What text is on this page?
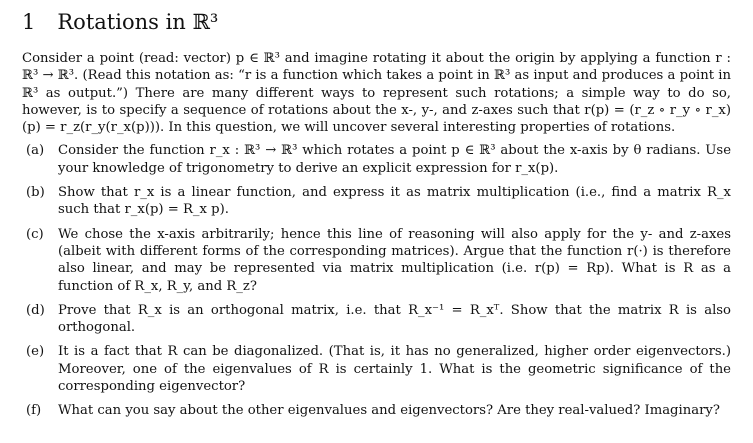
1 Rotations in ℝ³

Consider a point (read: vector) p ∈ ℝ³ and imagine rotating it about the origin by applying a function r : ℝ³ → ℝ³. (Read this notation as: “r is a function which takes a point in ℝ³ as input and produces a point in ℝ³ as output.”) There are many different ways to represent such rotations; a simple way to do so, however, is to specify a sequence of rotations about the x-, y-, and z-axes such that r(p) = (r_z ∘ r_y ∘ r_x)(p) = r_z(r_y(r_x(p))). In this question, we will uncover several interesting properties of rotations.

(a)	Consider the function r_x : ℝ³ → ℝ³ which rotates a point p ∈ ℝ³ about the x-axis by θ radians. Use your knowledge of trigonometry to derive an explicit expression for r_x(p).
(b)	Show that r_x is a linear function, and express it as matrix multiplication (i.e., find a matrix R_x such that r_x(p) = R_x p).
(c)	We chose the x-axis arbitrarily; hence this line of reasoning will also apply for the y- and z-axes (albeit with different forms of the corresponding matrices). Argue that the function r(·) is therefore also linear, and may be represented via matrix multiplication (i.e. r(p) = Rp). What is R as a function of R_x, R_y, and R_z?
(d)	Prove that R_x is an orthogonal matrix, i.e. that R_x⁻¹ = R_xᵀ. Show that the matrix R is also orthogonal.
(e)	It is a fact that R can be diagonalized. (That is, it has no generalized, higher order eigenvectors.) Moreover, one of the eigenvalues of R is certainly 1. What is the geometric significance of the corresponding eigenvector?
(f)	What can you say about the other eigenvalues and eigenvectors? Are they real-valued? Imaginary?
